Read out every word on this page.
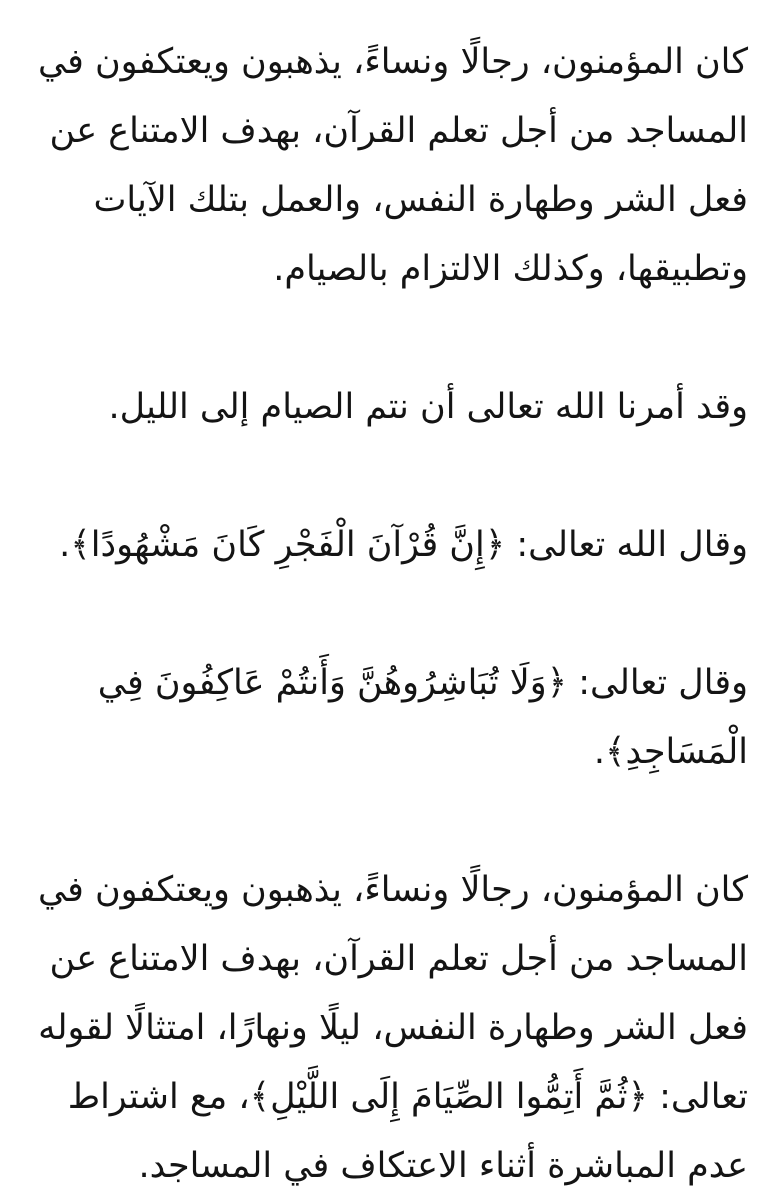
كان المؤمنون، رجالًا ونساءً، يذهبون ويعتكفون في المساجد من أجل تعلم القرآن، بهدف الامتناع عن فعل الشر وطهارة النفس، والعمل بتلك الآيات وتطبيقها، وكذلك الالتزام بالصيام.

وقد أمرنا الله تعالى أن نتم الصيام إلى الليل.

وقال الله تعالى: ﴿إِنَّ قُرْآنَ الْفَجْرِ كَانَ مَشْهُودًا﴾.

وقال تعالى: ﴿وَلَا تُبَاشِرُوهُنَّ وَأَنتُمْ عَاكِفُونَ فِي الْمَسَاجِدِ﴾.

كان المؤمنون، رجالًا ونساءً، يذهبون ويعتكفون في المساجد من أجل تعلم القرآن، بهدف الامتناع عن فعل الشر وطهارة النفس، ليلًا ونهارًا، امتثالًا لقوله تعالى: ﴿ثُمَّ أَتِمُّوا الصِّيَامَ إِلَى اللَّيْلِ﴾، مع اشتراط عدم المباشرة أثناء الاعتكاف في المساجد.
